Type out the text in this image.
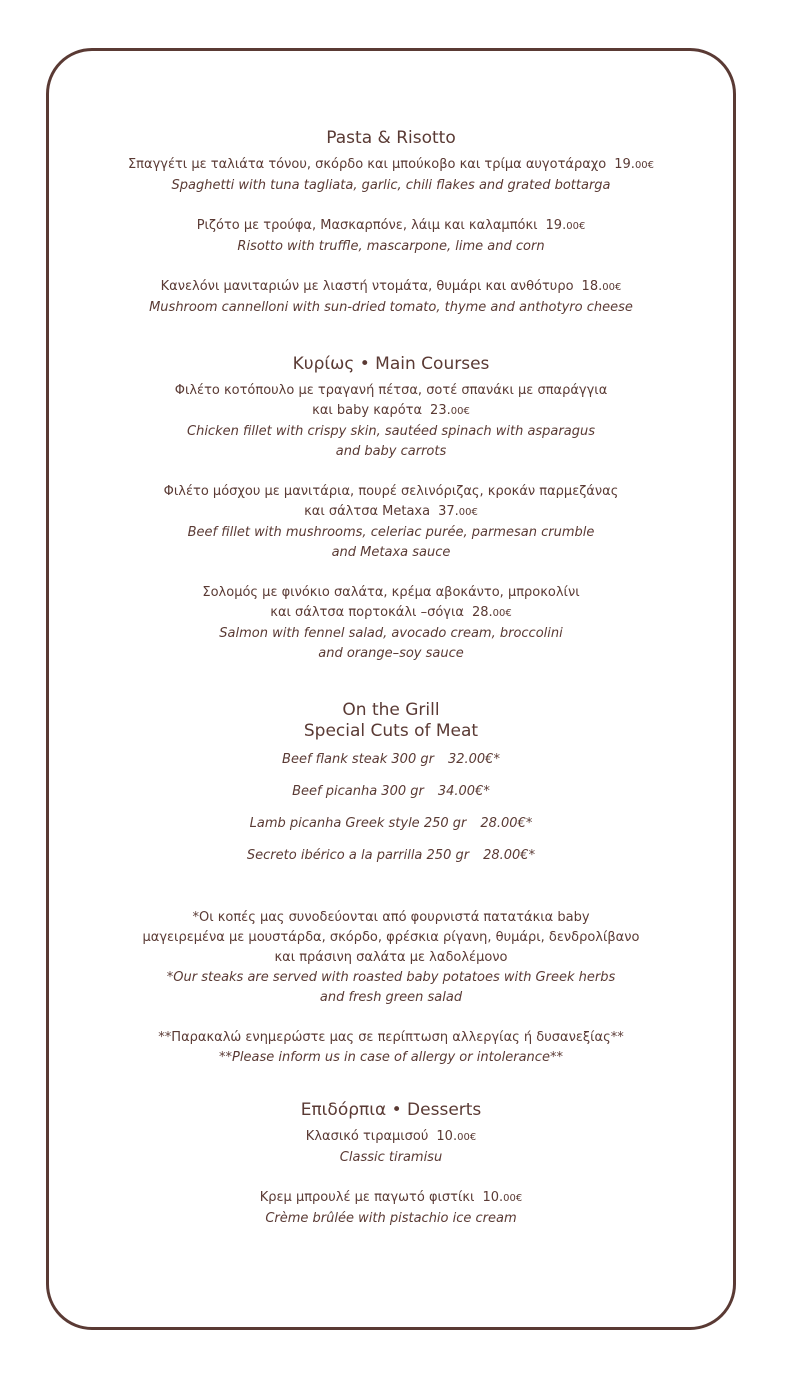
Pasta & Risotto
Σπαγγέτι με ταλιάτα τόνου, σκόρδο και μπούκοβο και τρίμα αυγοτάραχο 19.00€
Spaghetti with tuna tagliata, garlic, chili flakes and grated bottarga
Ριζότο με τρούφα, Μασκαρπόνε, λάιμ και καλαμπόκι 19.00€
Risotto with truffle, mascarpone, lime and corn
Κανελόνι μανιταριών με λιαστή ντομάτα, θυμάρι και ανθότυρο 18.00€
Mushroom cannelloni with sun-dried tomato, thyme and anthotyro cheese
Κυρίως • Main Courses
Φιλέτο κοτόπουλο με τραγανή πέτσα, σοτέ σπανάκι με σπαράγγια
και baby καρότα 23.00€
Chicken fillet with crispy skin, sautéed spinach with asparagus
and baby carrots
Φιλέτο μόσχου με μανιτάρια, πουρέ σελινόριζας, κροκάν παρμεζάνας
και σάλτσα Metaxa 37.00€
Beef fillet with mushrooms, celeriac purée, parmesan crumble
and Metaxa sauce
Σολομός με φινόκιο σαλάτα, κρέμα αβοκάντο, μπροκολίνι
και σάλτσα πορτοκάλι –σόγια 28.00€
Salmon with fennel salad, avocado cream, broccolini
and orange–soy sauce
On the Grill
Special Cuts of Meat
Beef flank steak 300 gr 32.00€*
Beef picanha 300 gr 34.00€*
Lamb picanha Greek style 250 gr 28.00€*
Secreto ibérico a la parrilla 250 gr 28.00€*
*Οι κοπές μας συνοδεύονται από φουρνιστά πατατάκια baby
μαγειρεμένα με μουστάρδα, σκόρδο, φρέσκια ρίγανη, θυμάρι, δενδρολίβανο
και πράσινη σαλάτα με λαδολέμονο
*Our steaks are served with roasted baby potatoes with Greek herbs
and fresh green salad
**Παρακαλώ ενημερώστε μας σε περίπτωση αλλεργίας ή δυσανεξίας**
**Please inform us in case of allergy or intolerance**
Επιδόρπια • Desserts
Κλασικό τιραμισού 10.00€
Classic tiramisu
Κρεμ μπρουλέ με παγωτό φιστίκι 10.00€
Crème brûlée with pistachio ice cream
